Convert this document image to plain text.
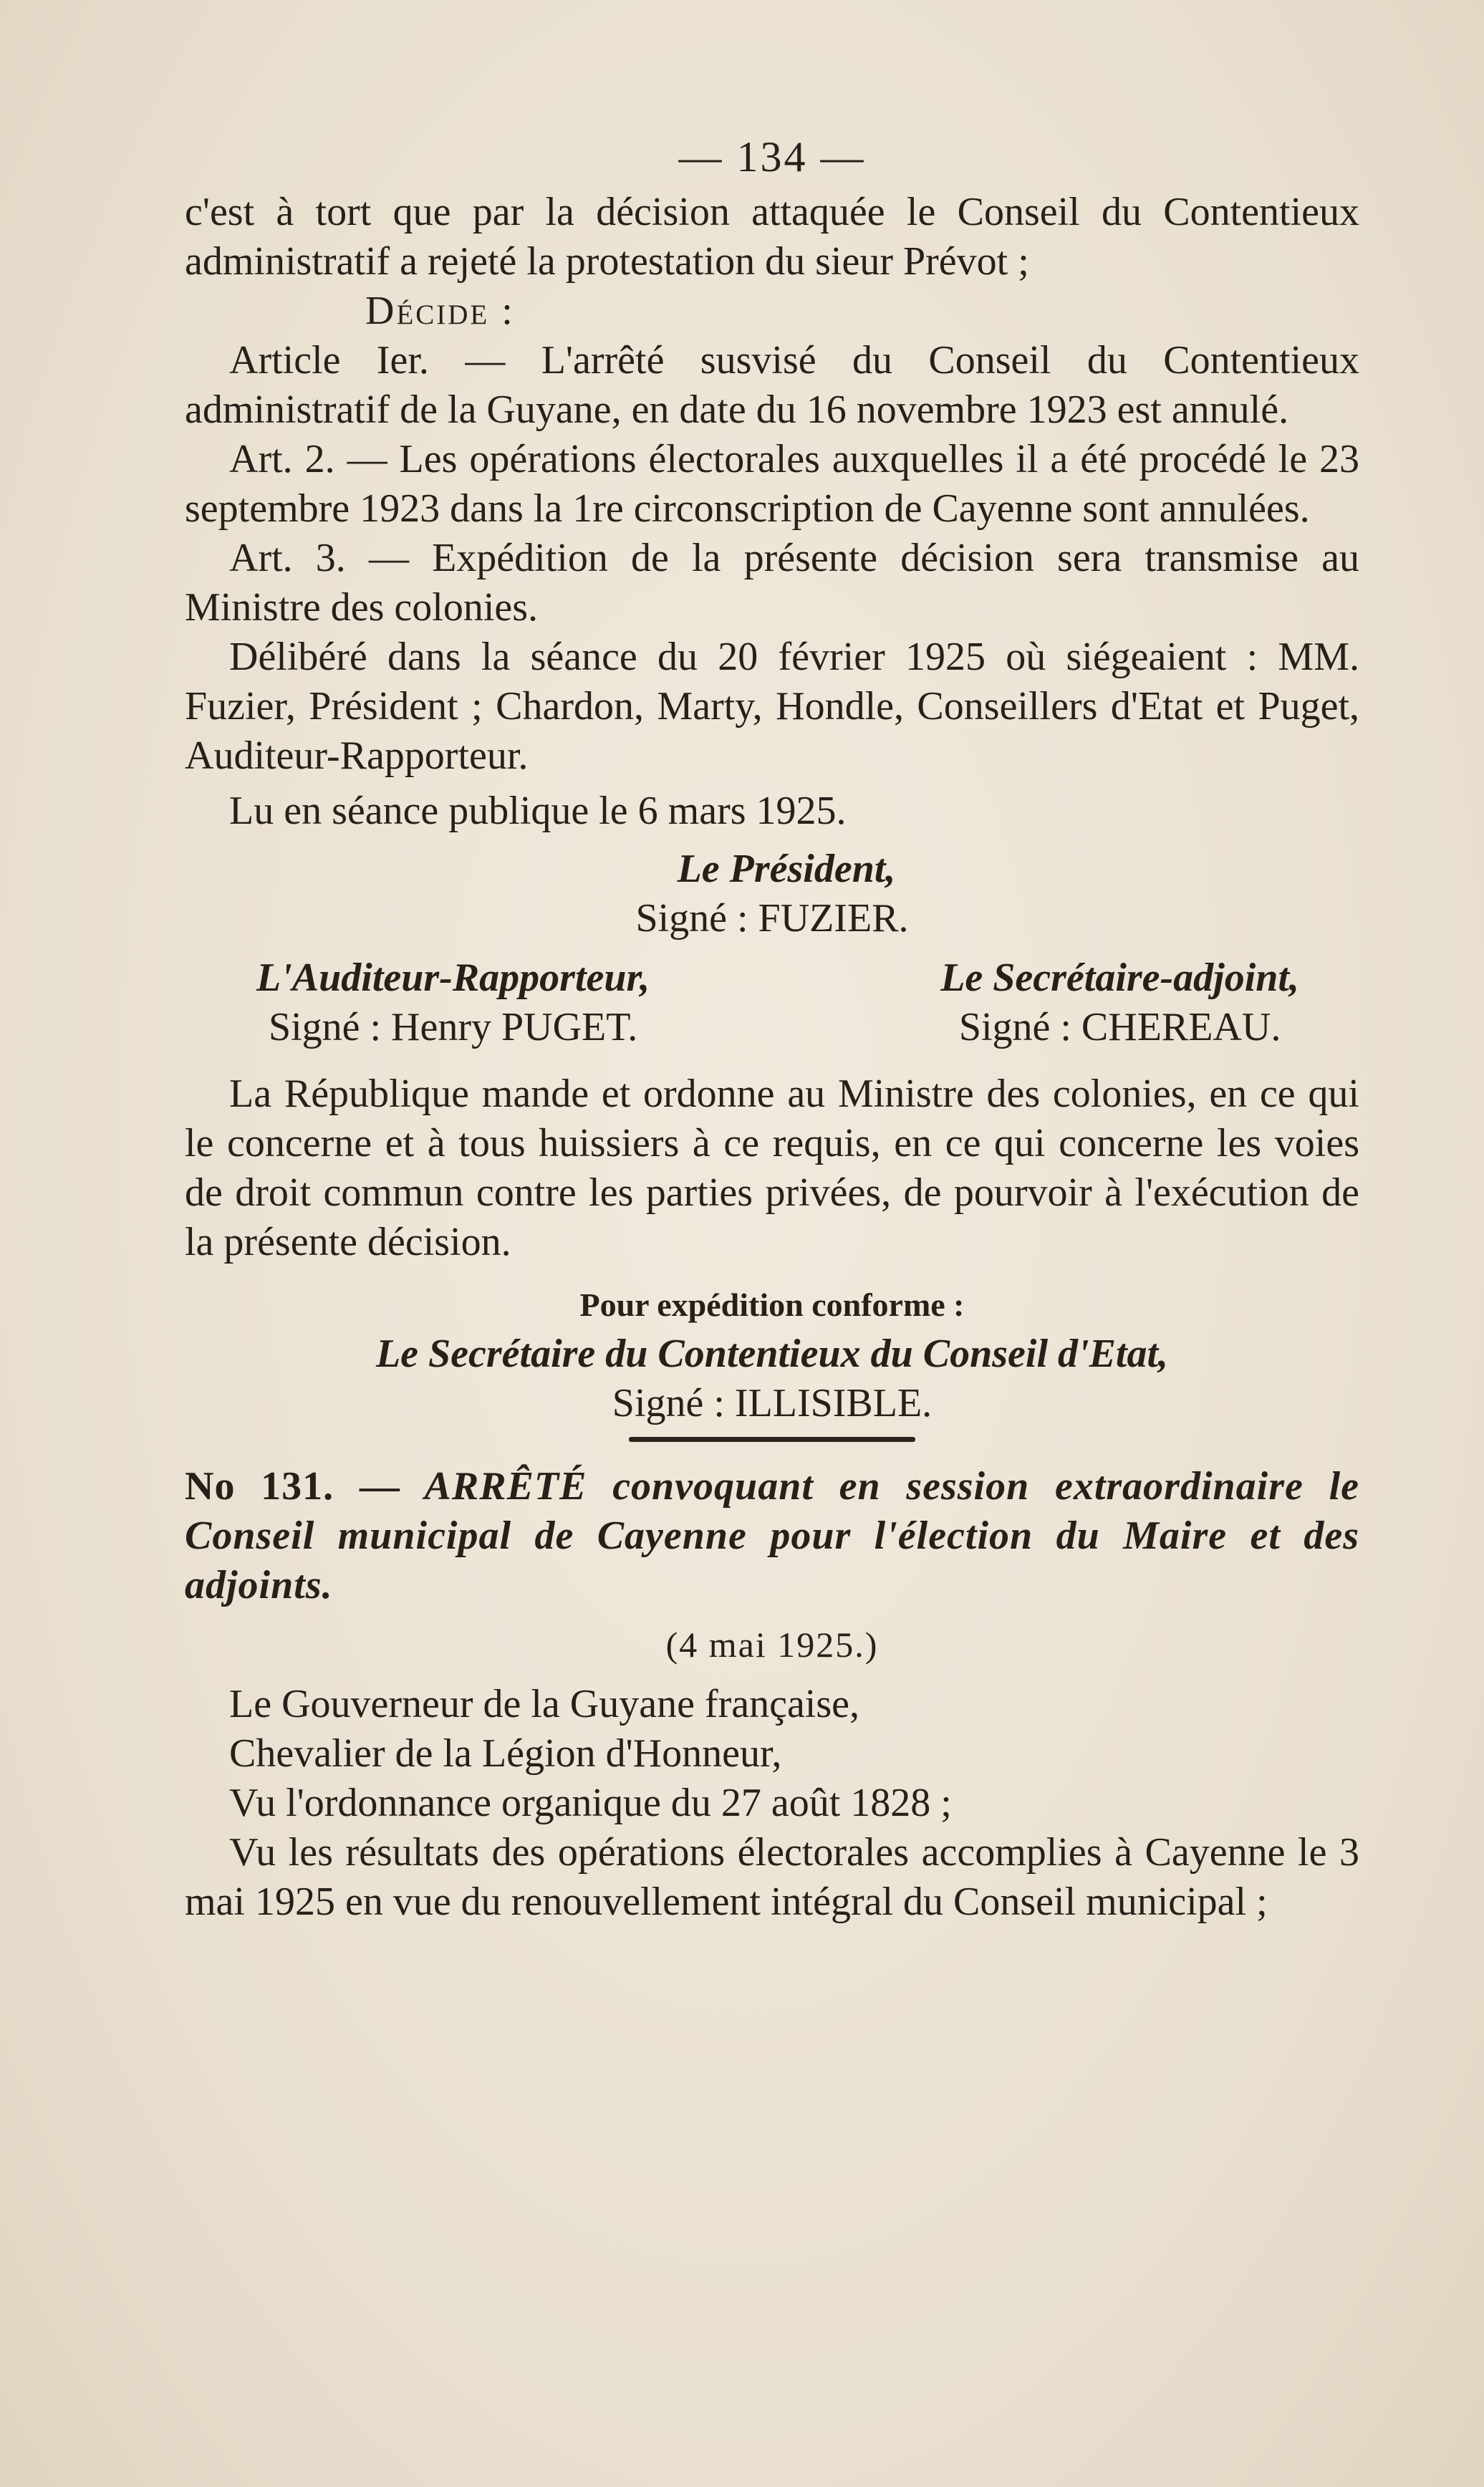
— 134 —

c'est à tort que par la décision attaquée le Conseil du Contentieux administratif a rejeté la protestation du sieur Prévot ;

Décide :

Article Ier. — L'arrêté susvisé du Conseil du Contentieux administratif de la Guyane, en date du 16 novembre 1923 est annulé.

Art. 2. — Les opérations électorales auxquelles il a été procédé le 23 septembre 1923 dans la 1re circonscription de Cayenne sont annulées.

Art. 3. — Expédition de la présente décision sera transmise au Ministre des colonies.

Délibéré dans la séance du 20 février 1925 où siégeaient : MM. Fuzier, Président ; Chardon, Marty, Hondle, Conseillers d'Etat et Puget, Auditeur-Rapporteur.

Lu en séance publique le 6 mars 1925.

Le Président,
Signé : FUZIER.
L'Auditeur-Rapporteur,
Signé : Henry PUGET.
Le Secrétaire-adjoint,
Signé : CHEREAU.

La République mande et ordonne au Ministre des colonies, en ce qui le concerne et à tous huissiers à ce requis, en ce qui concerne les voies de droit commun contre les parties privées, de pourvoir à l'exécution de la présente décision.

Pour expédition conforme :
Le Secrétaire du Contentieux du Conseil d'Etat,
Signé : ILLISIBLE.

No 131. — ARRÊTÉ convoquant en session extraordinaire le Conseil municipal de Cayenne pour l'élection du Maire et des adjoints.

(4 mai 1925.)

Le Gouverneur de la Guyane française,

Chevalier de la Légion d'Honneur,

Vu l'ordonnance organique du 27 août 1828 ;

Vu les résultats des opérations électorales accomplies à Cayenne le 3 mai 1925 en vue du renouvellement intégral du Conseil municipal ;
